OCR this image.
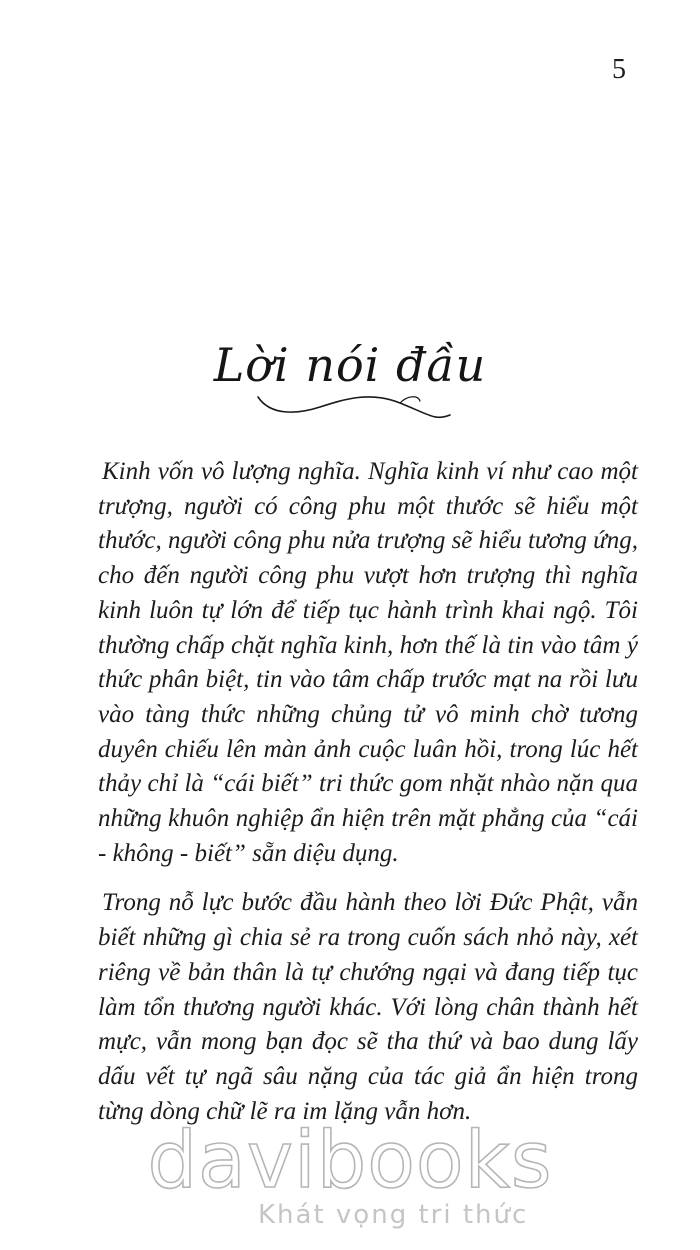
5
Lời nói đầu

Kinh vốn vô lượng nghĩa. Nghĩa kinh ví như cao một trượng, người có công phu một thước sẽ hiểu một thước, người công phu nửa trượng sẽ hiểu tương ứng, cho đến người công phu vượt hơn trượng thì nghĩa kinh luôn tự lớn để tiếp tục hành trình khai ngộ. Tôi thường chấp chặt nghĩa kinh, hơn thế là tin vào tâm ý thức phân biệt, tin vào tâm chấp trước mạt na rồi lưu vào tàng thức những chủng tử vô minh chờ tương duyên chiếu lên màn ảnh cuộc luân hồi, trong lúc hết thảy chỉ là “cái biết” tri thức gom nhặt nhào nặn qua những khuôn nghiệp ẩn hiện trên mặt phẳng của “cái - không - biết” sẵn diệu dụng.

Trong nỗ lực bước đầu hành theo lời Đức Phật, vẫn biết những gì chia sẻ ra trong cuốn sách nhỏ này, xét riêng về bản thân là tự chướng ngại và đang tiếp tục làm tổn thương người khác. Với lòng chân thành hết mực, vẫn mong bạn đọc sẽ tha thứ và bao dung lấy dấu vết tự ngã sâu nặng của tác giả ẩn hiện trong từng dòng chữ lẽ ra im lặng vẫn hơn.

davibooks
Khát vọng tri thức
